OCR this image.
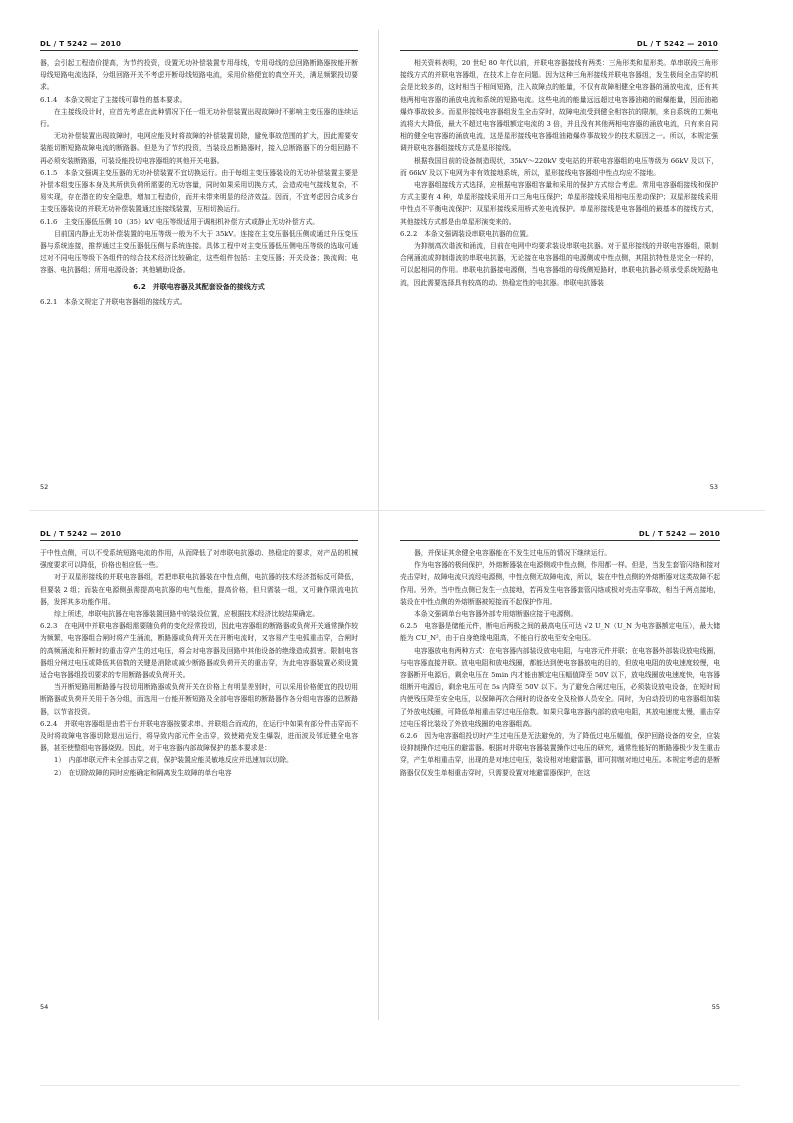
DL / T 5242 — 2010

器，会引起工程造价提高，为节约投资，设置无功补偿装置专用母线，专用母线的总回路断路器按能开断母线短路电流选择，分组回路开关不考虑开断母线短路电流，采用价格便宜的真空开关，满足频繁投切要求。

6.1.4　本条文规定了主接线可靠性的基本要求。

在主接线设计时，应首先考虑在此种情况下任一组无功补偿装置出现故障时不影响主变压器的连续运行。

无功补偿装置出现故障时，电网应能及时将故障的补偿装置切除，避免事故范围的扩大，因此需要安装能切断短路故障电流的断路器。但是为了节约投资，当装设总断路器时，接入总断路器下的分组回路不再必须安装断路器，可装设能投切电容器组的其他开关电器。

6.1.5　本条文强调主变压器的无功补偿装置不宜切换运行。由于每组主变压器装设的无功补偿装置主要是补偿本组变压器本身及其所供负荷所需要的无功容量，同时如果采用切换方式，会造成电气接线复杂，不易实现，存在潜在的安全隐患，增加工程造价，而并未带来明显的经济效益。因而，不宜考虑因合成多台主变压器装设的并联无功补偿装置通过连接线装置，互相切换运行。

6.1.6　主变压器低压侧 10（35）kV 电压等级适用于调相机补偿方式或静止无功补偿方式。

目前国内静止无功补偿装置的电压等级一般为不大于 35kV。连接在主变压器低压侧或通过升压变压器与系统连接，推荐通过主变压器低压侧与系统连接。具体工程中对主变压器低压侧电压等级的选取可通过对不同电压等级下各组件的综合技术经济比较确定，这些组件包括：主变压器；开关设备；换流阀；电容器、电抗器组；所用电源设备；其他辅助设备。

6.2　并联电容器及其配套设备的接线方式

6.2.1　本条文规定了并联电容器组的接线方式。

52
DL / T 5242 — 2010

相关资料表明，20 世纪 80 年代以前，并联电容器接线有两类：三角形类和星形类。单串联段三角形接线方式的并联电容器组，在技术上存在问题。因为这种三角形接线并联电容器组，发生极间全击穿的机会是比较多的，这时相当于相间短路，注入故障点的能量，不仅有故障相健全电容器的涌放电流，还有其他两相电容器的涌放电流和系统的短路电流。这些电流的能量远远超过电容器油箱的耐爆能量，因而油箱爆炸事故较多。而星形接线电容器组发生全击穿时，故障电流受到健全相容抗的限制，来自系统的工频电流将大大降低，最大不超过电容器组额定电流的 3 倍，并且没有其他两相电容器的涌放电流，只有来自同相的健全电容器的涌放电流，这是星形接线电容器组油箱爆炸事故较少的技术原因之一。所以，本规定强调并联电容器组接线方式是星形接线。

根据我国目前的设备制造现状，35kV～220kV 变电站的并联电容器组的电压等级为 66kV 及以下，而 66kV 及以下电网为非有效接地系统，所以，星形接线电容器组中性点均应不接地。

电容器组接线方式选择，应根据电容器组容量和采用的保护方式综合考虑。常用电容器组接线和保护方式主要有 4 种，单星形接线采用开口三角电压保护；单星形接线采用相电压差动保护；双星形接线采用中性点不平衡电流保护；双星形接线采用桥式差电流保护。单星形接线是电容器组的最基本的接线方式，其他接线方式都是由单星形演变来的。

6.2.2　本条文强调装设串联电抗器的位置。

为抑制高次谐波和涌流，目前在电网中均要求装设串联电抗器。对于星形接线的并联电容器组，限制合闸涌流或抑制谐波的串联电抗器，无论接在电容器组的电源侧或中性点侧，其阻抗特性是完全一样的，可以起相同的作用。串联电抗器接电源侧，当电容器组的母线侧短路时，串联电抗器必须承受系统短路电流，因此需要选择具有较高的动、热稳定性的电抗器。串联电抗器装

53
DL / T 5242 — 2010

于中性点侧，可以不受系统短路电流的作用，从而降低了对串联电抗器动、热稳定的要求，对产品的机械强度要求可以降低，价格也相应低一些。

对于双星形接线的并联电容器组，若把串联电抗器装在中性点侧，电抗器的技术经济指标反可降低，但要装 2 组；而装在电源侧虽需提高电抗器的电气性能，提高价格，但只需装一组，又可兼作限流电抗器，发挥其多功能作用。

综上所述，串联电抗器在电容器装置回路中的装设位置，应根据技术经济比较结果确定。

6.2.3　在电网中并联电容器组需要随负荷的变化经常投切，因此电容器组的断路器或负荷开关通常操作较为频繁，电容器组合闸时将产生涌流，断路器或负荷开关在开断电流时，又容易产生电弧重击穿，合闸时的高频涌流和开断时的重击穿产生的过电压，将会对电容器及回路中其他设备的绝缘造成损害。限制电容器组分闸过电压或降低其倍数的关键是消除或减少断路器或负荷开关的重击穿，为此电容器装置必须设置适合电容器组投切要求的专用断路器或负荷开关。

当开断短路用断路器与投切用断路器或负荷开关在价格上有明显差别时，可以采用价格便宜的投切用断路器或负荷开关用于各分组，而选用一台能开断短路及全部电容器组的断路器作各分组电容器的总断路器，以节省投资。

6.2.4　并联电容器组是由若干台并联电容器按要求串、并联组合而成的，在运行中如果有部分件击穿而不及时将故障电容器切除退出运行，将导致内部元件全击穿，致使箱壳发生爆裂，进而波及邻近健全电容器，甚至使整组电容器烧毁。因此，对于电容器内部故障保护的基本要求是：

1）　内部串联元件未全部击穿之前，保护装置应能灵敏地反应并迅速加以切除。

2）　在切除故障的同时应能确定和隔离发生故障的单台电容

54
DL / T 5242 — 2010

器，并保证其余健全电容器能在不发生过电压的情况下继续运行。

作为电容器的极间保护，外熔断器装在电源侧或中性点侧，作用都一样。但是，当发生套管闪络和接对壳击穿时，故障电流只流经电源侧，中性点侧无故障电流，所以，装在中性点侧的外熔断器对这类故障不起作用。另外，当中性点侧已发生一点接地，若再发生电容器套管闪络或极对壳击穿事故，相当于两点接地，装设在中性点侧的外熔断器被短接而不起保护作用。

本条文强调单台电容器外部专用熔断器应接于电源侧。

6.2.5　电容器是储能元件，断电后两极之间的最高电压可达 √2 U_N（U_N 为电容器额定电压），最大储能为 CU_N²，由于自身绝缘电阻高，不能自行放电至安全电压。

电容器放电有两种方式：在电容器内部装设放电电阻，与电容元件并联；在电容器外部装设放电线圈，与电容器直接并联。放电电阻和放电线圈，都能达到使电容器放电的目的，但放电电阻的放电速度较慢，电容器断开电源后，剩余电压在 5min 内才能由额定电压幅值降至 50V 以下，放电线圈放电速度快，电容器组断开电源后，剩余电压可在 5s 内降至 50V 以下。为了避免合闸过电压，必须装设放电设备，在短时间内使残压降至安全电压，以保障再次合闸时的设备安全及检修人员安全。同时，为自动投切的电容器组加装了外放电线圈，可降低单相重击穿过电压倍数。如果只靠电容器内部的放电电阻，其放电速度太慢，重击穿过电压将比装设了外放电线圈的电容器组高。

6.2.6　因为电容器组投切时产生过电压是无法避免的，为了降低过电压幅值，保护回路设备的安全，应装设抑制操作过电压的避雷器。根据对并联电容器装置操作过电压的研究，通常性能好的断路器极少发生重击穿，产生单相重击穿，出现的是对地过电压，装设相对地避雷器，即可抑制对地过电压。本规定考虑的是断路器仅仅发生单相重击穿时，只需要设置对地避雷器保护，在这

55
